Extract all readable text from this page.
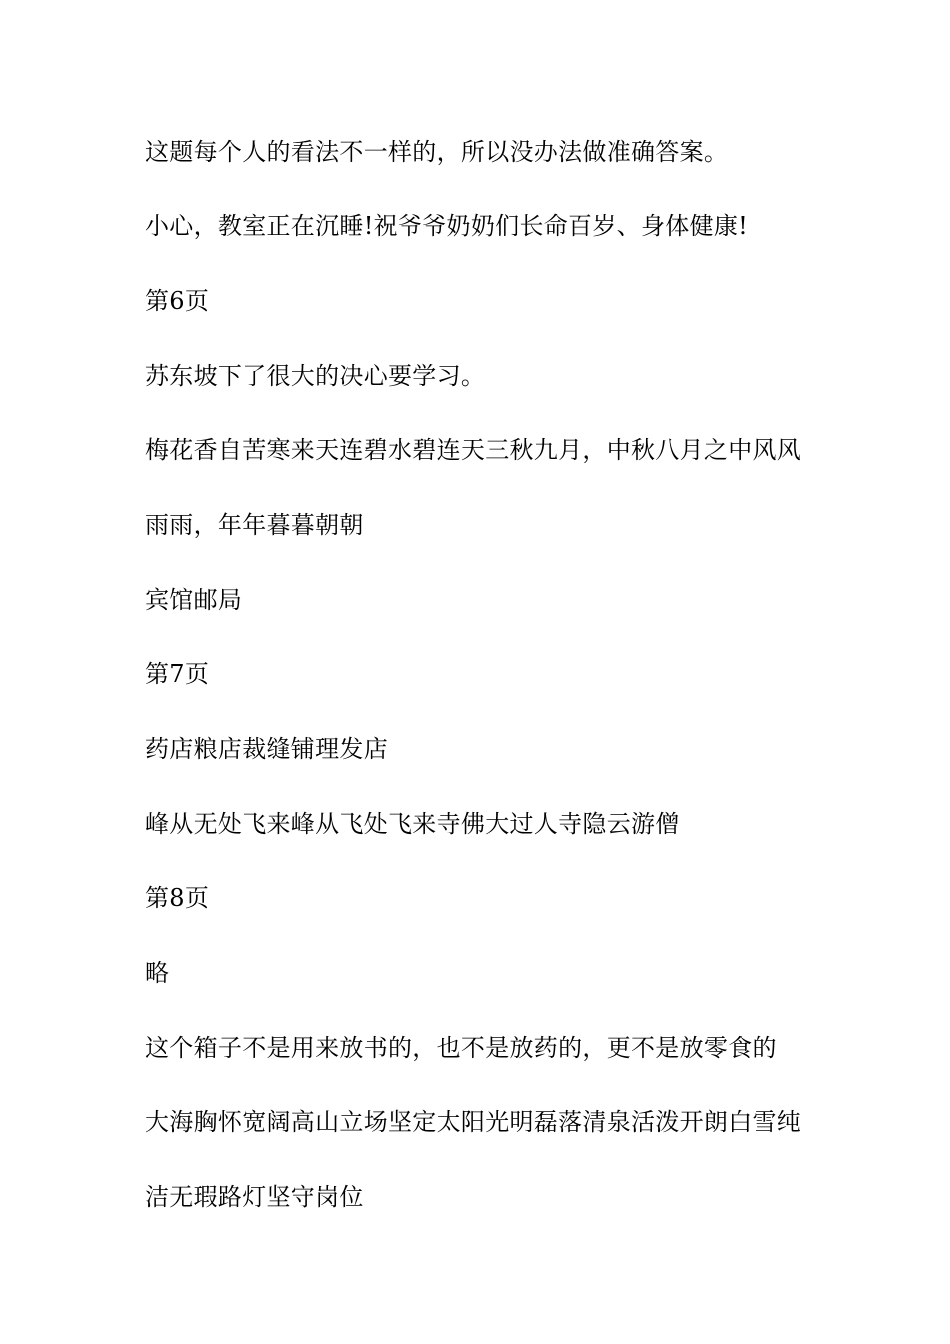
这题每个人的看法不一样的，所以没办法做准确答案。

小心，教室正在沉睡!祝爷爷奶奶们长命百岁、身体健康!

第6页

苏东坡下了很大的决心要学习。

梅花香自苦寒来天连碧水碧连天三秋九月，中秋八月之中风风

雨雨，年年暮暮朝朝

宾馆邮局

第7页

药店粮店裁缝铺理发店

峰从无处飞来峰从飞处飞来寺佛大过人寺隐云游僧

第8页

略

这个箱子不是用来放书的，也不是放药的，更不是放零食的

大海胸怀宽阔高山立场坚定太阳光明磊落清泉活泼开朗白雪纯

洁无瑕路灯坚守岗位
